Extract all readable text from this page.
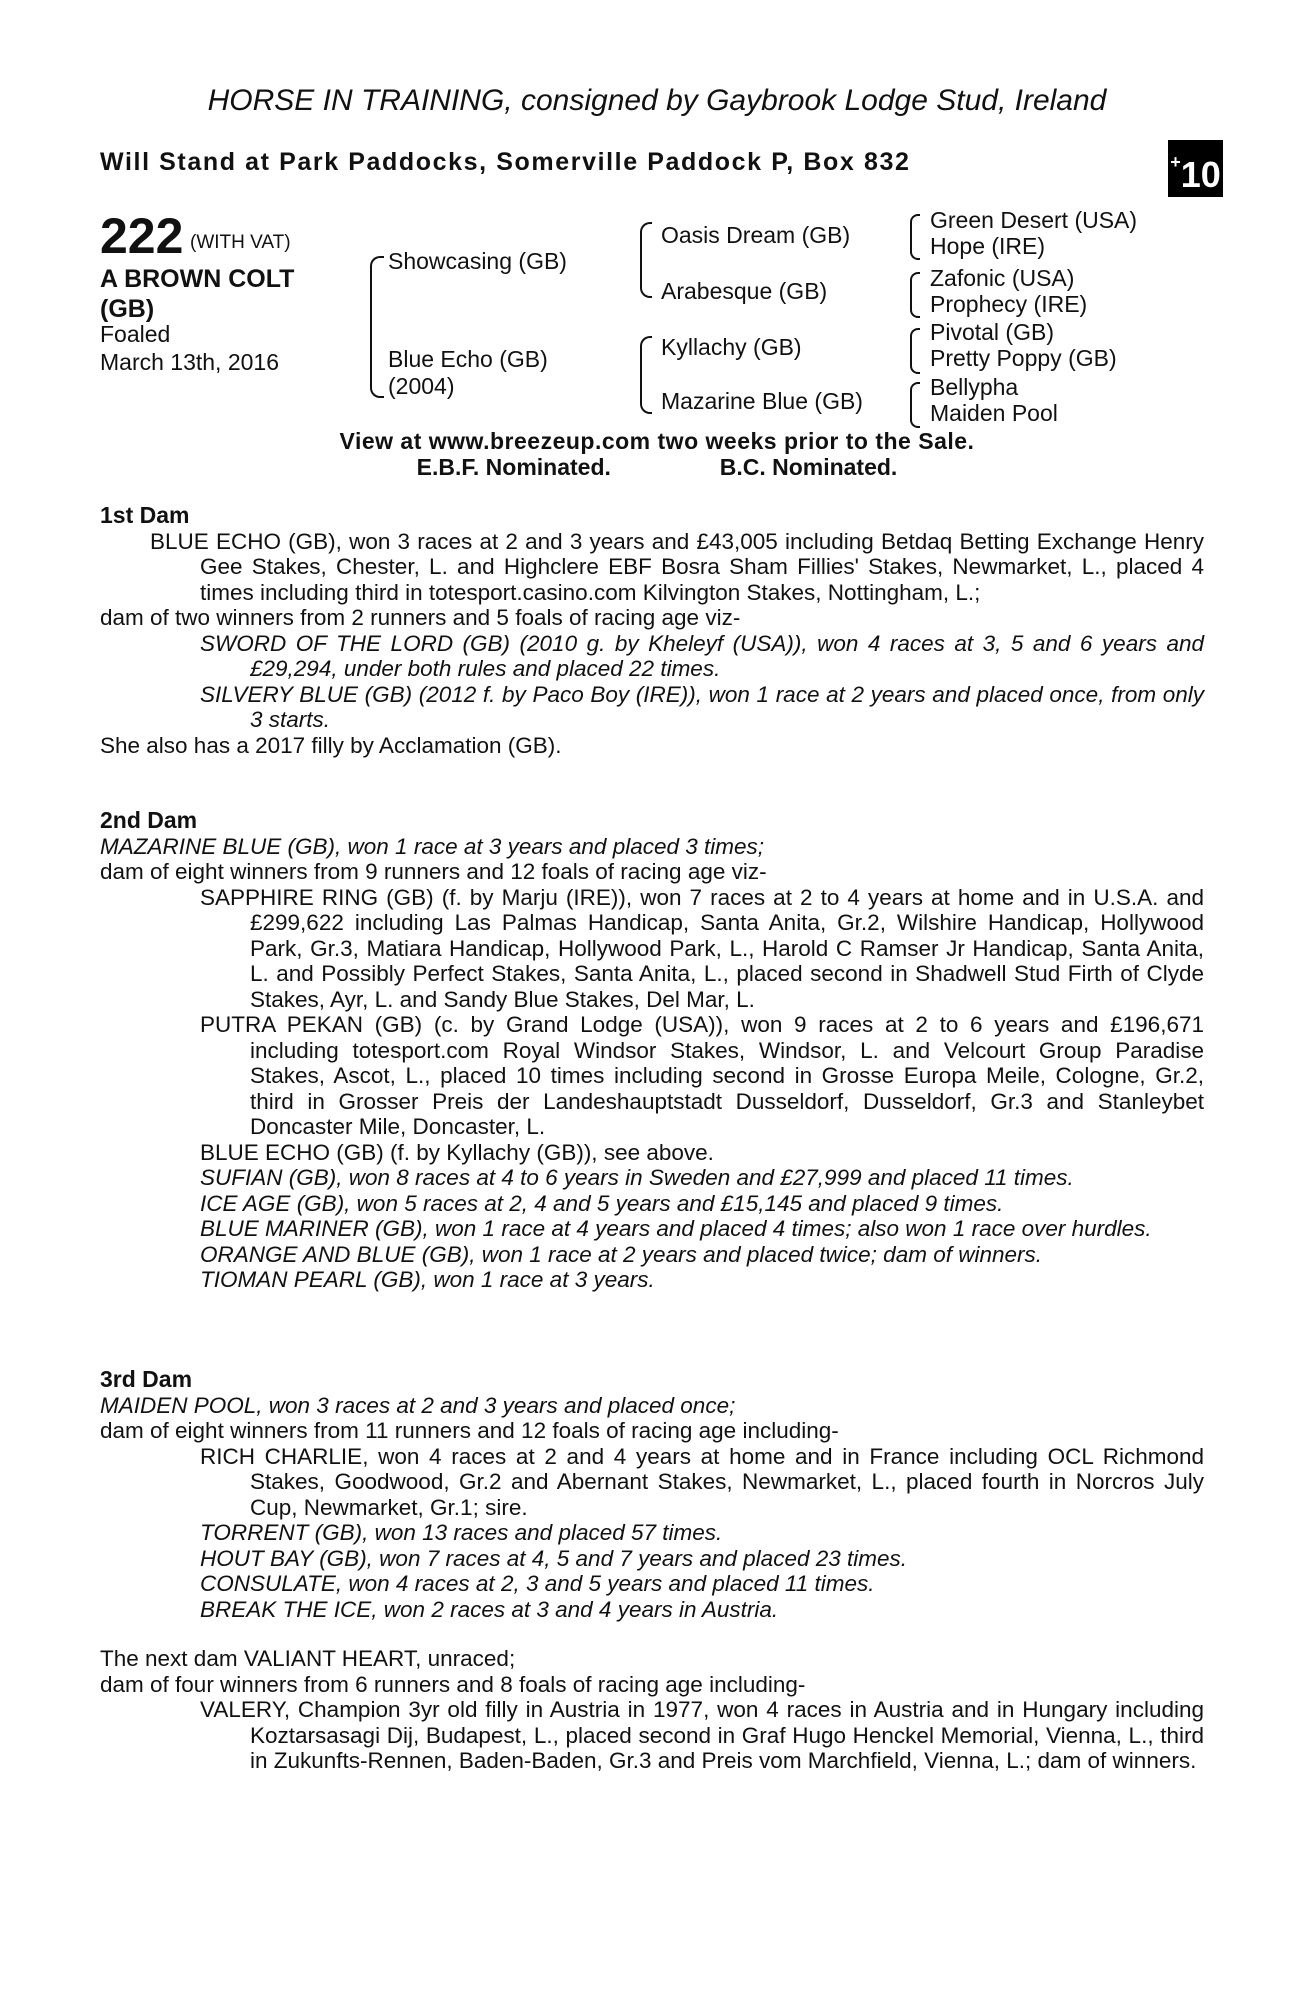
HORSE IN TRAINING, consigned by Gaybrook Lodge Stud, Ireland
Will Stand at Park Paddocks, Somerville Paddock P, Box 832	+10
222 (WITH VAT)
A BROWN COLT (GB)
Foaled
March 13th, 2016
Showcasing (GB)
Blue Echo (GB)
(2004)
Oasis Dream (GB)
Arabesque (GB)
Kyllachy (GB)
Mazarine Blue (GB)
Green Desert (USA)
Hope (IRE)
Zafonic (USA)
Prophecy (IRE)
Pivotal (GB)
Pretty Poppy (GB)
Bellypha
Maiden Pool
View at www.breezeup.com two weeks prior to the Sale.
E.B.F. Nominated.	B.C. Nominated.

1st Dam

BLUE ECHO (GB), won 3 races at 2 and 3 years and £43,005 including Betdaq Betting Exchange Henry Gee Stakes, Chester, L. and Highclere EBF Bosra Sham Fillies' Stakes, Newmarket, L., placed 4 times including third in totesport.casino.com Kilvington Stakes, Nottingham, L.;

dam of two winners from 2 runners and 5 foals of racing age viz-

SWORD OF THE LORD (GB) (2010 g. by Kheleyf (USA)), won 4 races at 3, 5 and 6 years and £29,294, under both rules and placed 22 times.

SILVERY BLUE (GB) (2012 f. by Paco Boy (IRE)), won 1 race at 2 years and placed once, from only 3 starts.

She also has a 2017 filly by Acclamation (GB).

2nd Dam

MAZARINE BLUE (GB), won 1 race at 3 years and placed 3 times;

dam of eight winners from 9 runners and 12 foals of racing age viz-

SAPPHIRE RING (GB) (f. by Marju (IRE)), won 7 races at 2 to 4 years at home and in U.S.A. and £299,622 including Las Palmas Handicap, Santa Anita, Gr.2, Wilshire Handicap, Hollywood Park, Gr.3, Matiara Handicap, Hollywood Park, L., Harold C Ramser Jr Handicap, Santa Anita, L. and Possibly Perfect Stakes, Santa Anita, L., placed second in Shadwell Stud Firth of Clyde Stakes, Ayr, L. and Sandy Blue Stakes, Del Mar, L.

PUTRA PEKAN (GB) (c. by Grand Lodge (USA)), won 9 races at 2 to 6 years and £196,671 including totesport.com Royal Windsor Stakes, Windsor, L. and Velcourt Group Paradise Stakes, Ascot, L., placed 10 times including second in Grosse Europa Meile, Cologne, Gr.2, third in Grosser Preis der Landeshauptstadt Dusseldorf, Dusseldorf, Gr.3 and Stanleybet Doncaster Mile, Doncaster, L.

BLUE ECHO (GB) (f. by Kyllachy (GB)), see above.

SUFIAN (GB), won 8 races at 4 to 6 years in Sweden and £27,999 and placed 11 times.

ICE AGE (GB), won 5 races at 2, 4 and 5 years and £15,145 and placed 9 times.

BLUE MARINER (GB), won 1 race at 4 years and placed 4 times; also won 1 race over hurdles.

ORANGE AND BLUE (GB), won 1 race at 2 years and placed twice; dam of winners.

TIOMAN PEARL (GB), won 1 race at 3 years.

3rd Dam

MAIDEN POOL, won 3 races at 2 and 3 years and placed once;

dam of eight winners from 11 runners and 12 foals of racing age including-

RICH CHARLIE, won 4 races at 2 and 4 years at home and in France including OCL Richmond Stakes, Goodwood, Gr.2 and Abernant Stakes, Newmarket, L., placed fourth in Norcros July Cup, Newmarket, Gr.1; sire.

TORRENT (GB), won 13 races and placed 57 times.

HOUT BAY (GB), won 7 races at 4, 5 and 7 years and placed 23 times.

CONSULATE, won 4 races at 2, 3 and 5 years and placed 11 times.

BREAK THE ICE, won 2 races at 3 and 4 years in Austria.

The next dam VALIANT HEART, unraced;

dam of four winners from 6 runners and 8 foals of racing age including-

VALERY, Champion 3yr old filly in Austria in 1977, won 4 races in Austria and in Hungary including Koztarsasagi Dij, Budapest, L., placed second in Graf Hugo Henckel Memorial, Vienna, L., third in Zukunfts-Rennen, Baden-Baden, Gr.3 and Preis vom Marchfield, Vienna, L.; dam of winners.
